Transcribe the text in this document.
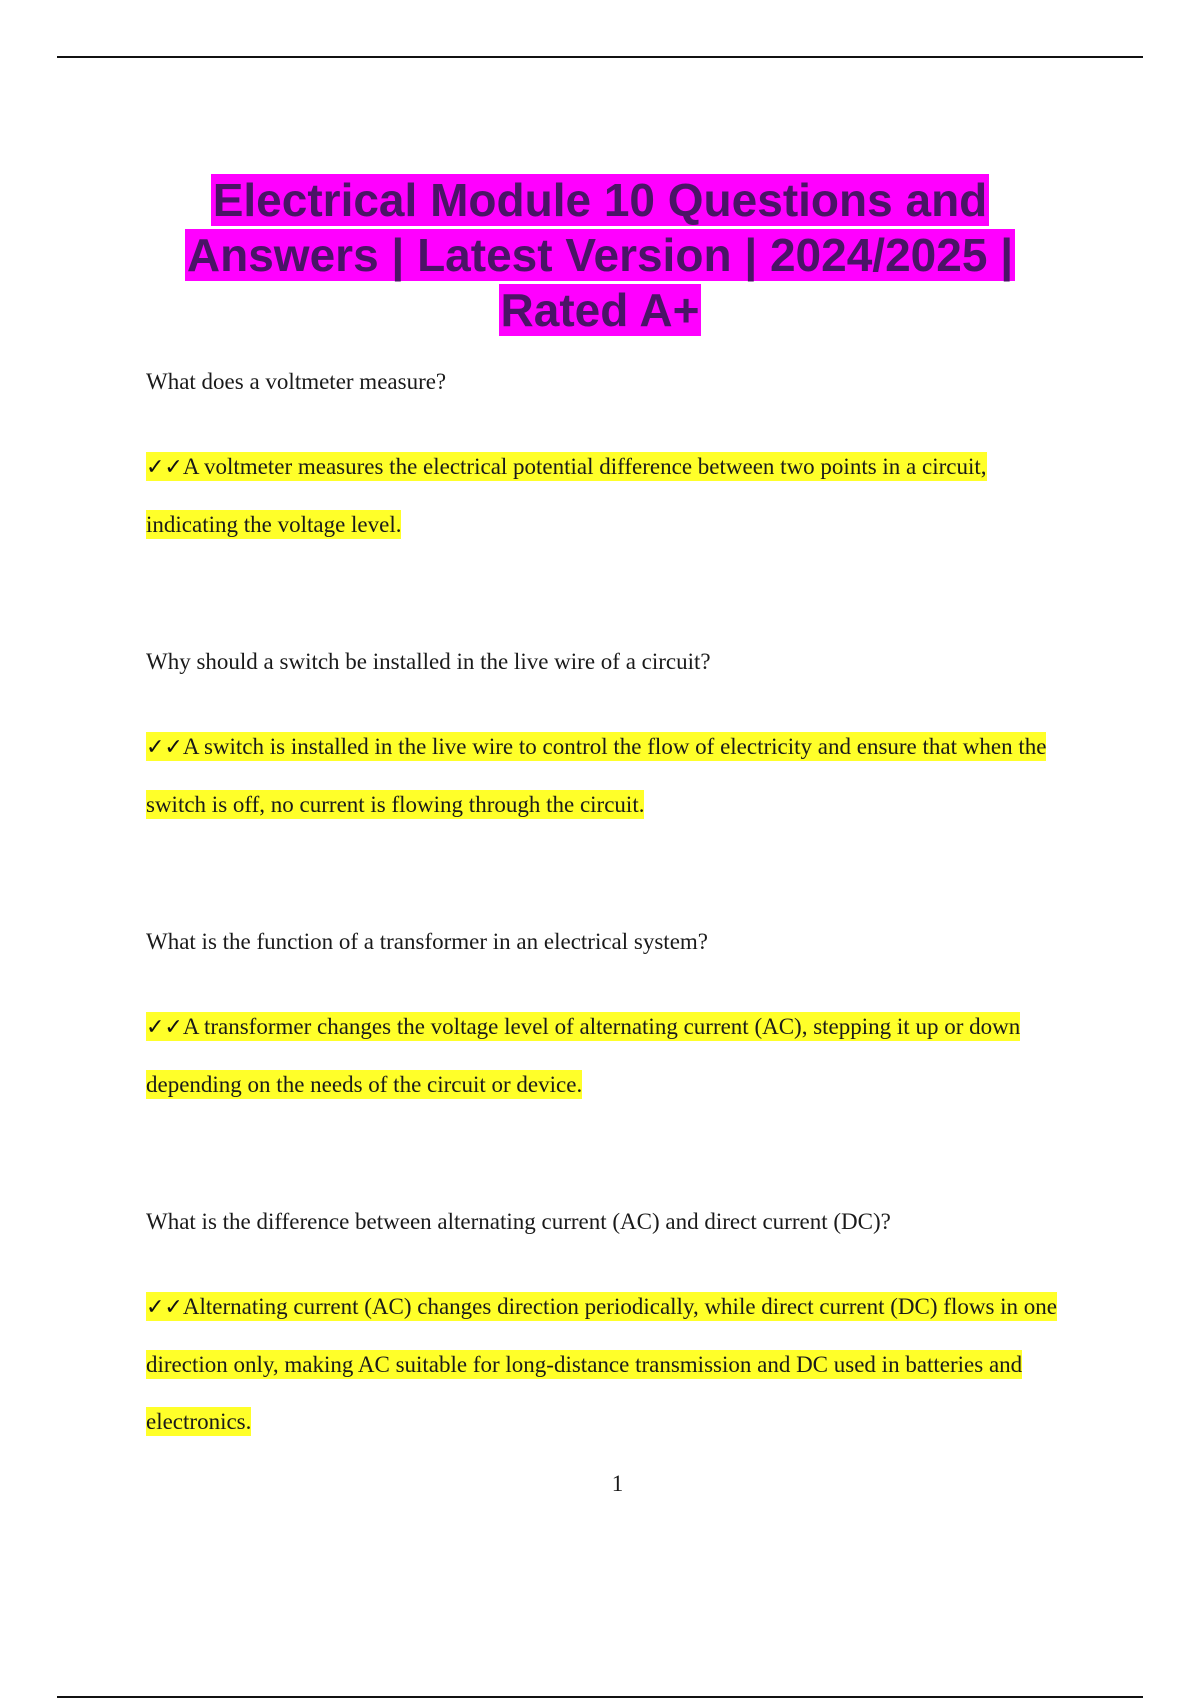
Electrical Module 10 Questions and Answers | Latest Version | 2024/2025 | Rated A+

What does a voltmeter measure?

✓✓A voltmeter measures the electrical potential difference between two points in a circuit, indicating the voltage level.

Why should a switch be installed in the live wire of a circuit?

✓✓A switch is installed in the live wire to control the flow of electricity and ensure that when the switch is off, no current is flowing through the circuit.

What is the function of a transformer in an electrical system?

✓✓A transformer changes the voltage level of alternating current (AC), stepping it up or down depending on the needs of the circuit or device.

What is the difference between alternating current (AC) and direct current (DC)?

✓✓Alternating current (AC) changes direction periodically, while direct current (DC) flows in one direction only, making AC suitable for long-distance transmission and DC used in batteries and electronics.

1
